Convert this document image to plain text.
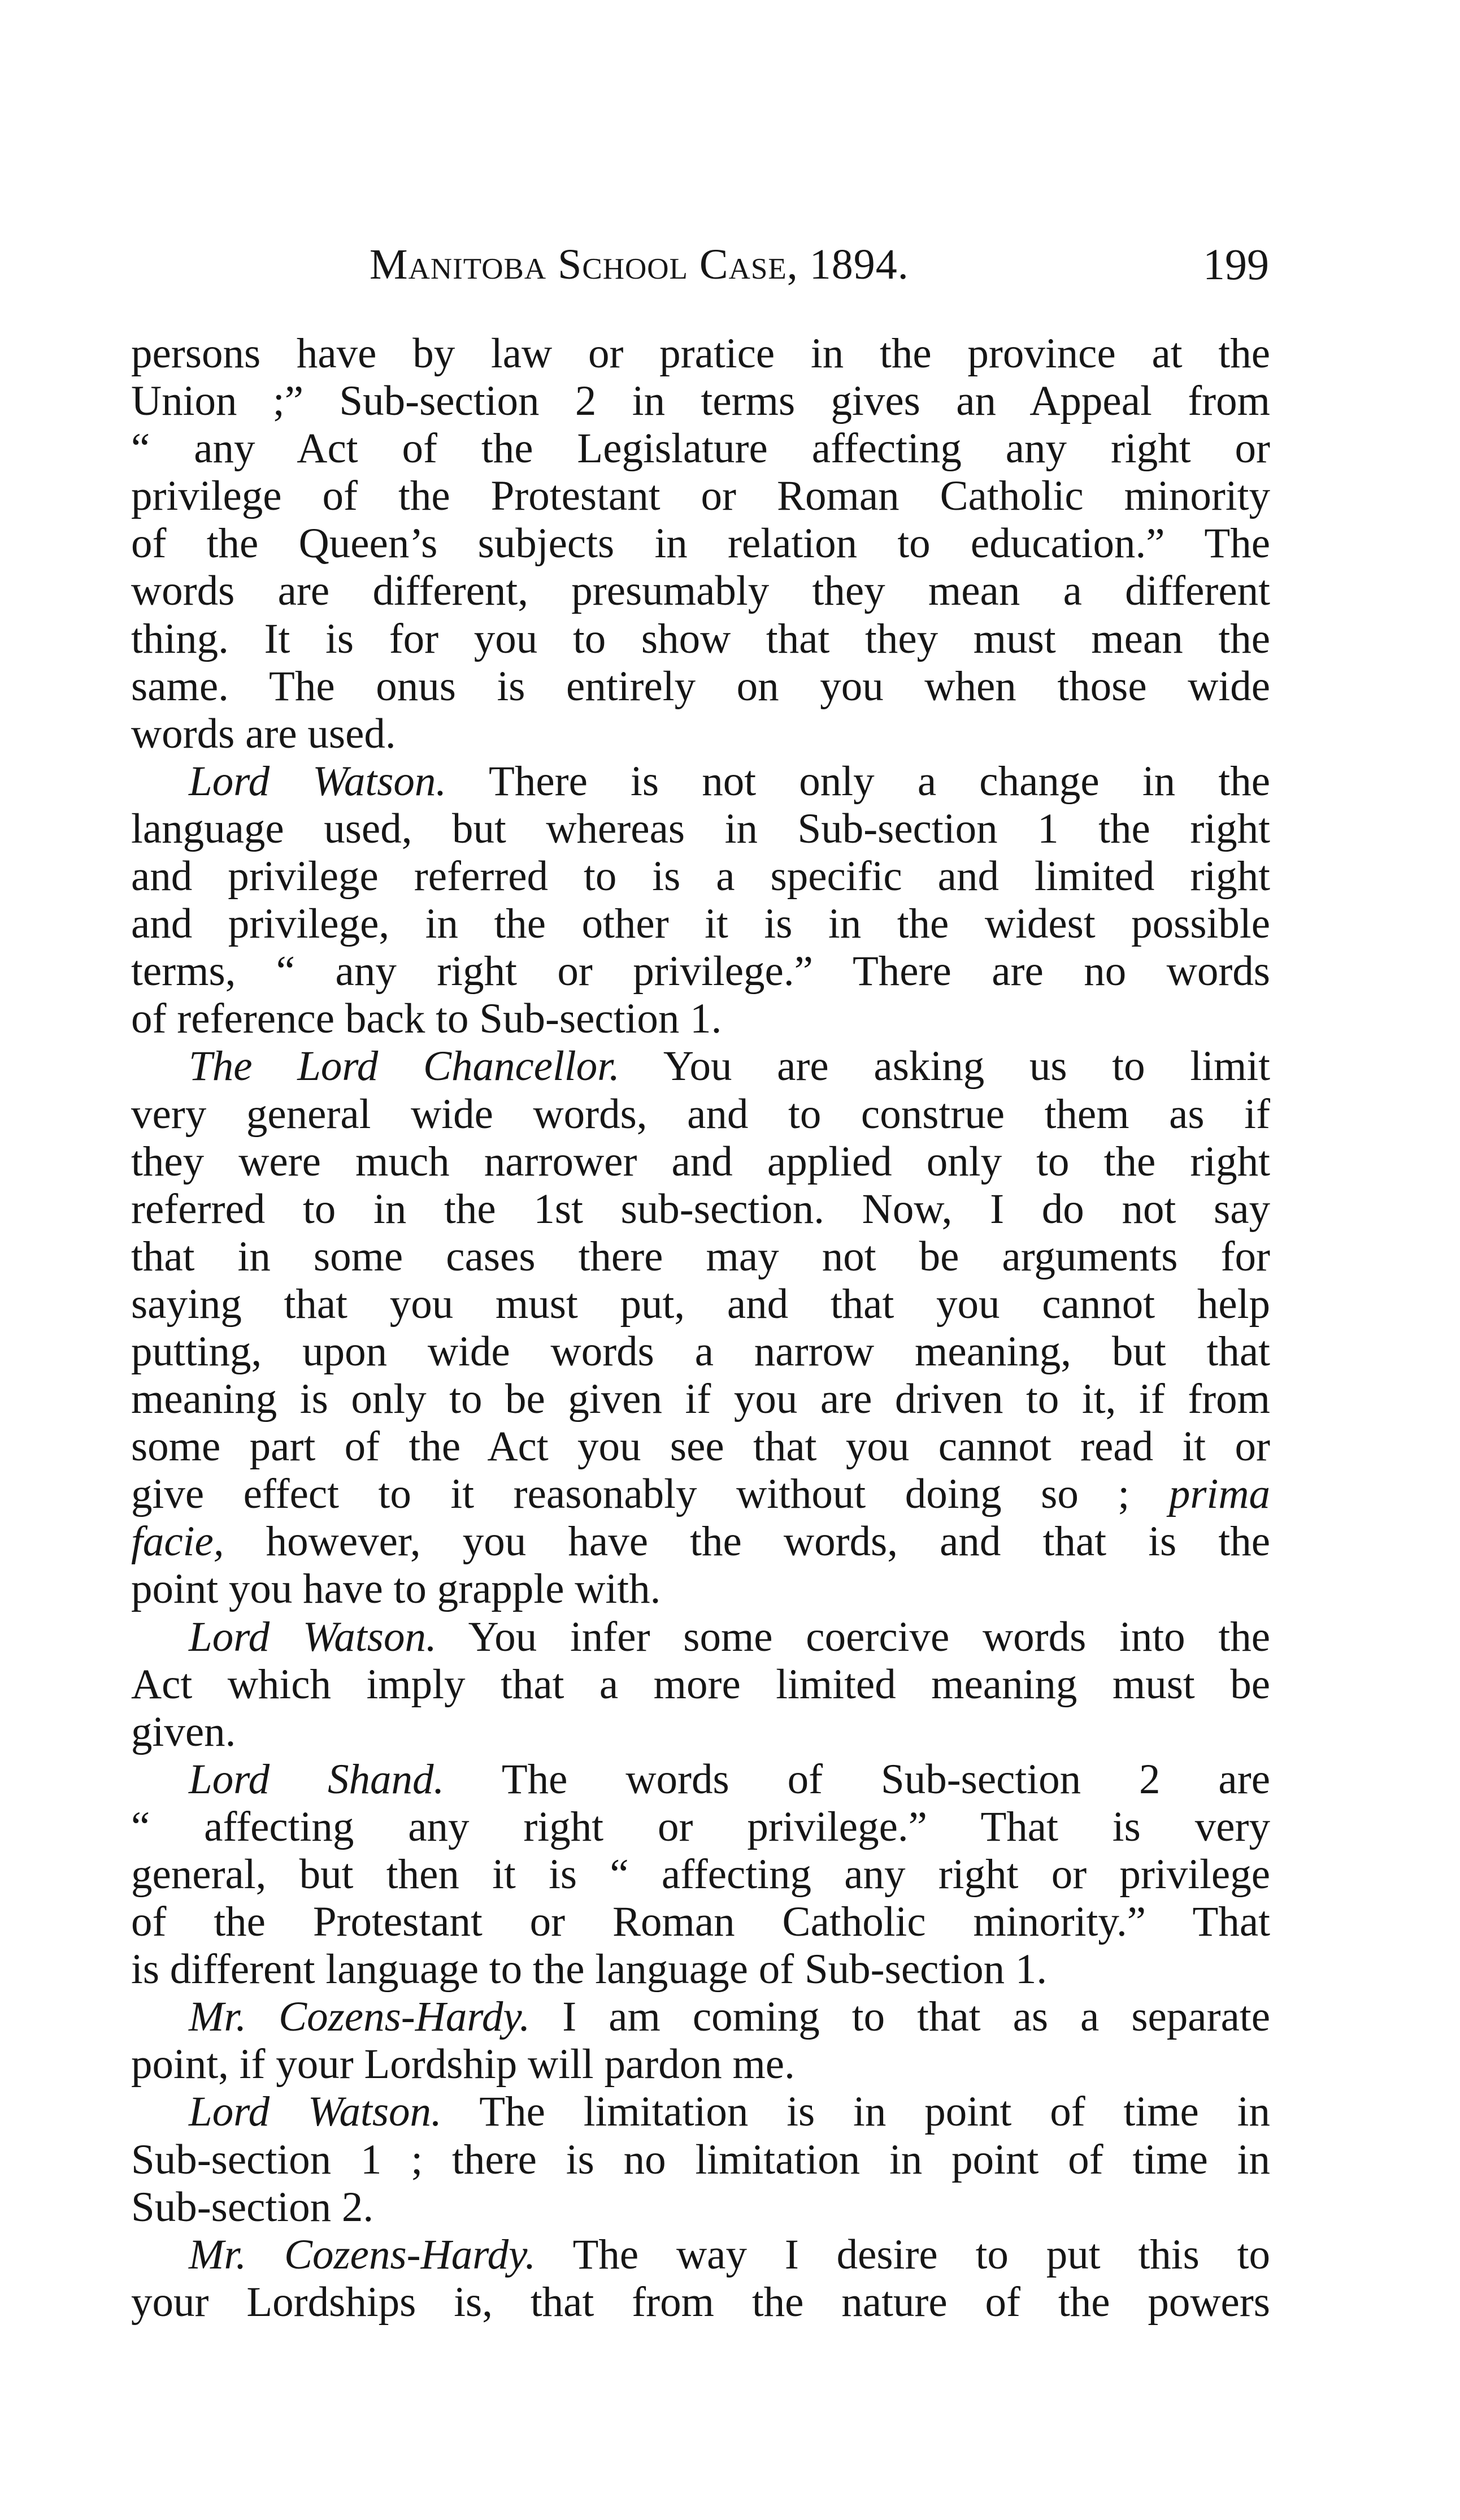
Manitoba School Case, 1894.	199
persons have by law or pratice in the province at the
Union ;” Sub-section 2 in terms gives an Appeal from
“ any Act of the Legislature affecting any right or
privilege of the Protestant or Roman Catholic minority
of the Queen’s subjects in relation to education.” The
words are different, presumably they mean a different
thing. It is for you to show that they must mean the
same. The onus is entirely on you when those wide
words are used.
Lord Watson. There is not only a change in the
language used, but whereas in Sub-section 1 the right
and privilege referred to is a specific and limited right
and privilege, in the other it is in the widest possible
terms, “ any right or privilege.” There are no words
of reference back to Sub-section 1.
The Lord Chancellor. You are asking us to limit
very general wide words, and to construe them as if
they were much narrower and applied only to the right
referred to in the 1st sub-section. Now, I do not say
that in some cases there may not be arguments for
saying that you must put, and that you cannot help
putting, upon wide words a narrow meaning, but that
meaning is only to be given if you are driven to it, if from
some part of the Act you see that you cannot read it or
give effect to it reasonably without doing so ; prima
facie, however, you have the words, and that is the
point you have to grapple with.
Lord Watson. You infer some coercive words into the
Act which imply that a more limited meaning must be
given.
Lord Shand. The words of Sub-section 2 are
“ affecting any right or privilege.” That is very
general, but then it is “ affecting any right or privilege
of the Protestant or Roman Catholic minority.” That
is different language to the language of Sub-section 1.
Mr. Cozens-Hardy. I am coming to that as a separate
point, if your Lordship will pardon me.
Lord Watson. The limitation is in point of time in
Sub-section 1 ; there is no limitation in point of time in
Sub-section 2.
Mr. Cozens-Hardy. The way I desire to put this to
your Lordships is, that from the nature of the powers
